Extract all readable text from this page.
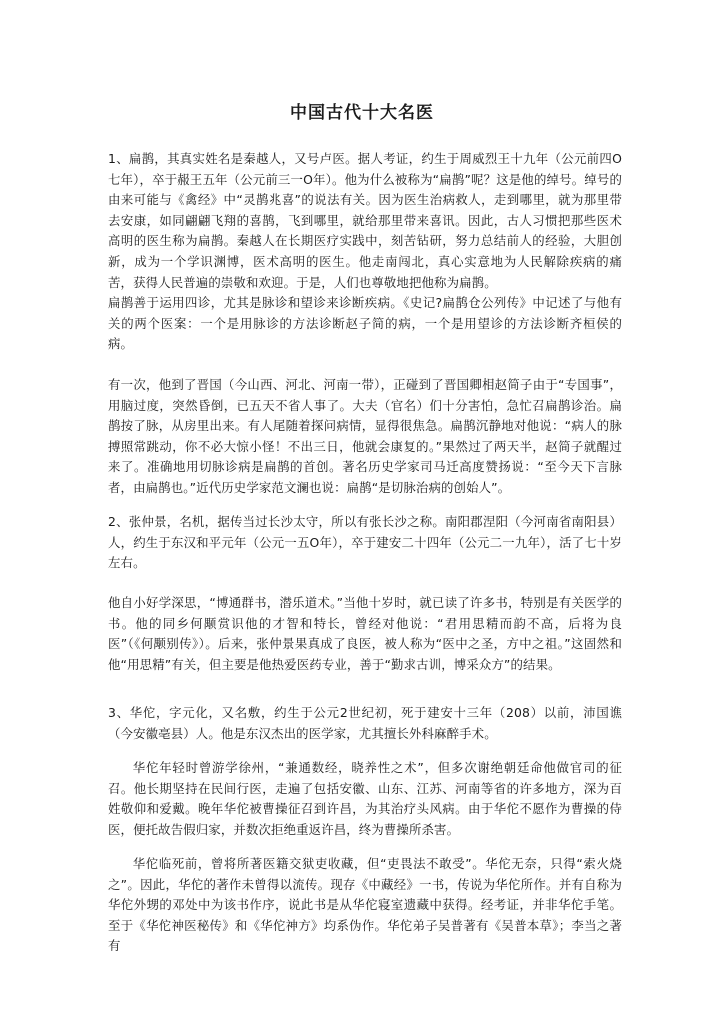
中国古代十大名医

1、扁鹊，其真实姓名是秦越人，又号卢医。据人考证，约生于周威烈王十九年（公元前四O七年），卒于赧王五年（公元前三一O年）。他为什么被称为“扁鹊”呢？这是他的绰号。绰号的由来可能与《禽经》中“灵鹊兆喜”的说法有关。因为医生治病救人，走到哪里，就为那里带去安康，如同翩翩飞翔的喜鹊，飞到哪里，就给那里带来喜讯。因此，古人习惯把那些医术高明的医生称为扁鹊。秦越人在长期医疗实践中，刻苦钻研，努力总结前人的经验，大胆创新，成为一个学识渊博，医术高明的医生。他走南闯北，真心实意地为人民解除疾病的痛苦，获得人民普遍的崇敬和欢迎。于是，人们也尊敬地把他称为扁鹊。

扁鹊善于运用四诊，尤其是脉诊和望诊来诊断疾病。《史记?扁鹊仓公列传》中记述了与他有关的两个医案：一个是用脉诊的方法诊断赵子简的病，一个是用望诊的方法诊断齐桓侯的病。

有一次，他到了晋国（今山西、河北、河南一带），正碰到了晋国卿相赵简子由于“专国事”，用脑过度，突然昏倒，已五天不省人事了。大夫（官名）们十分害怕，急忙召扁鹊诊治。扁鹊按了脉，从房里出来。有人尾随着探问病情，显得很焦急。扁鹊沉静地对他说：“病人的脉搏照常跳动，你不必大惊小怪！不出三日，他就会康复的。”果然过了两天半，赵简子就醒过来了。准确地用切脉诊病是扁鹊的首创。著名历史学家司马迁高度赞扬说：“至今天下言脉者，由扁鹊也。”近代历史学家范文澜也说：扁鹊“是切脉治病的创始人”。

2、张仲景，名机，据传当过长沙太守，所以有张长沙之称。南阳郡涅阳（今河南省南阳县）人，约生于东汉和平元年（公元一五O年），卒于建安二十四年（公元二一九年），活了七十岁左右。

他自小好学深思，“博通群书，潜乐道术。”当他十岁时，就已读了许多书，特别是有关医学的书。他的同乡何颙赏识他的才智和特长，曾经对他说：“君用思精而韵不高，后将为良医”（《何颙别传》）。后来，张仲景果真成了良医，被人称为“医中之圣，方中之祖。”这固然和他“用思精”有关，但主要是他热爱医药专业，善于“勤求古训，博采众方”的结果。

3、华佗，字元化，又名敷，约生于公元2世纪初，死于建安十三年（208）以前，沛国谯（今安徽亳县）人。他是东汉杰出的医学家，尤其擅长外科麻醉手术。

华佗年轻时曾游学徐州，“兼通数经，晓养性之术”，但多次谢绝朝廷命他做官司的征召。他长期坚持在民间行医，走遍了包括安徽、山东、江苏、河南等省的许多地方，深为百姓敬仰和爱戴。晚年华佗被曹操征召到许昌，为其治疗头风病。由于华佗不愿作为曹操的侍医，便托故告假归家，并数次拒绝重返许昌，终为曹操所杀害。

华佗临死前，曾将所著医籍交狱吏收藏，但“吏畏法不敢受”。华佗无奈，只得“索火烧之”。因此，华佗的著作未曾得以流传。现存《中藏经》一书，传说为华佗所作。并有自称为华佗外甥的邓处中为该书作序，说此书是从华佗寝室遗藏中获得。经考证，并非华佗手笔。至于《华佗神医秘传》和《华佗神方》均系伪作。华佗弟子吴普著有《吴普本草》；李当之著有
